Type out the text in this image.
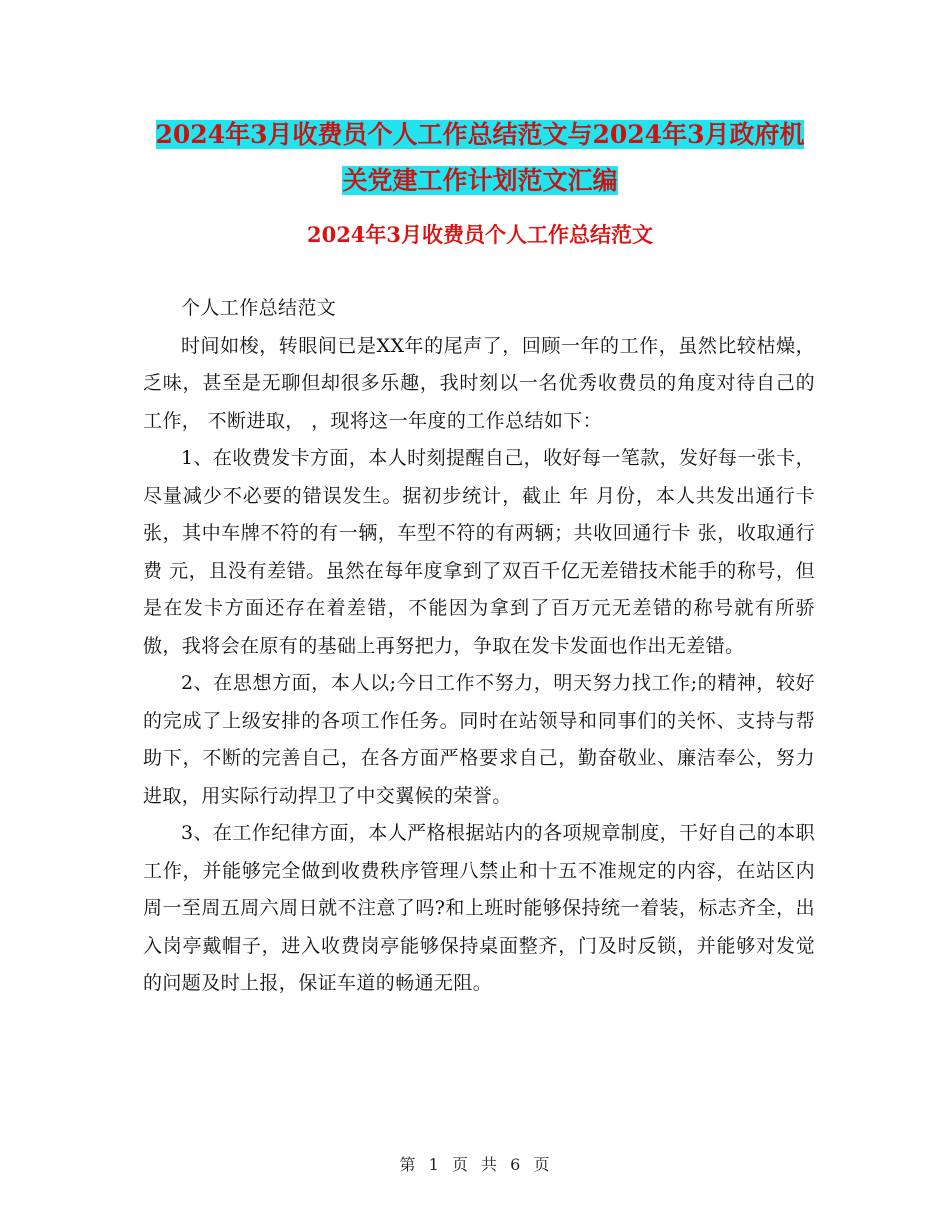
2024年3月收费员个人工作总结范文与2024年3月政府机关党建工作计划范文汇编
2024年3月收费员个人工作总结范文

个人工作总结范文

时间如梭，转眼间已是XX年的尾声了，回顾一年的工作，虽然比较枯燥，乏味，甚至是无聊但却很多乐趣，我时刻以一名优秀收费员的角度对待自己的工作， 不断进取， ，现将这一年度的工作总结如下：

1、在收费发卡方面，本人时刻提醒自己，收好每一笔款，发好每一张卡，尽量减少不必要的错误发生。据初步统计，截止 年 月份，本人共发出通行卡 张，其中车牌不符的有一辆，车型不符的有两辆；共收回通行卡 张，收取通行费 元，且没有差错。虽然在每年度拿到了双百千亿无差错技术能手的称号，但是在发卡方面还存在着差错，不能因为拿到了百万元无差错的称号就有所骄傲，我将会在原有的基础上再努把力，争取在发卡发面也作出无差错。

2、在思想方面，本人以;今日工作不努力，明天努力找工作;的精神，较好的完成了上级安排的各项工作任务。同时在站领导和同事们的关怀、支持与帮助下，不断的完善自己，在各方面严格要求自己，勤奋敬业、廉洁奉公，努力进取，用实际行动捍卫了中交翼候的荣誉。

3、在工作纪律方面，本人严格根据站内的各项规章制度，干好自己的本职工作，并能够完全做到收费秩序管理八禁止和十五不准规定的内容，在站区内周一至周五周六周日就不注意了吗?和上班时能够保持统一着装，标志齐全，出入岗亭戴帽子，进入收费岗亭能够保持桌面整齐，门及时反锁，并能够对发觉的问题及时上报，保证车道的畅通无阻。

第 1 页 共 6 页
